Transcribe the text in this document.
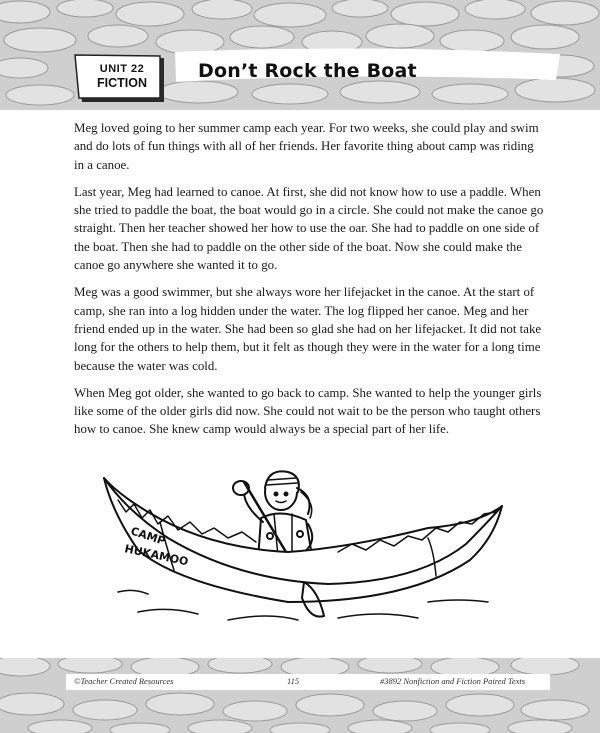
UNIT 22
FICTION
Don’t Rock the Boat

Meg loved going to her summer camp each year. For two weeks, she could play and swim and do lots of fun things with all of her friends. Her favorite thing about camp was riding in a canoe.

Last year, Meg had learned to canoe. At first, she did not know how to use a paddle. When she tried to paddle the boat, the boat would go in a circle. She could not make the canoe go straight. Then her teacher showed her how to use the oar. She had to paddle on one side of the boat. Then she had to paddle on the other side of the boat. Now she could make the canoe go anywhere she wanted it to go.

Meg was a good swimmer, but she always wore her lifejacket in the canoe. At the start of camp, she ran into a log hidden under the water. The log flipped her canoe. Meg and her friend ended up in the water. She had been so glad she had on her lifejacket. It did not take long for the others to help them, but it felt as though they were in the water for a long time because the water was cold.

When Meg got older, she wanted to go back to camp. She wanted to help the younger girls like some of the older girls did now. She could not wait to be the person who taught others how to canoe. She knew camp would always be a special part of her life.

CAMP
HUKAMOO
©Teacher Created Resources	115	#3892 Nonfiction and Fiction Paired Texts
